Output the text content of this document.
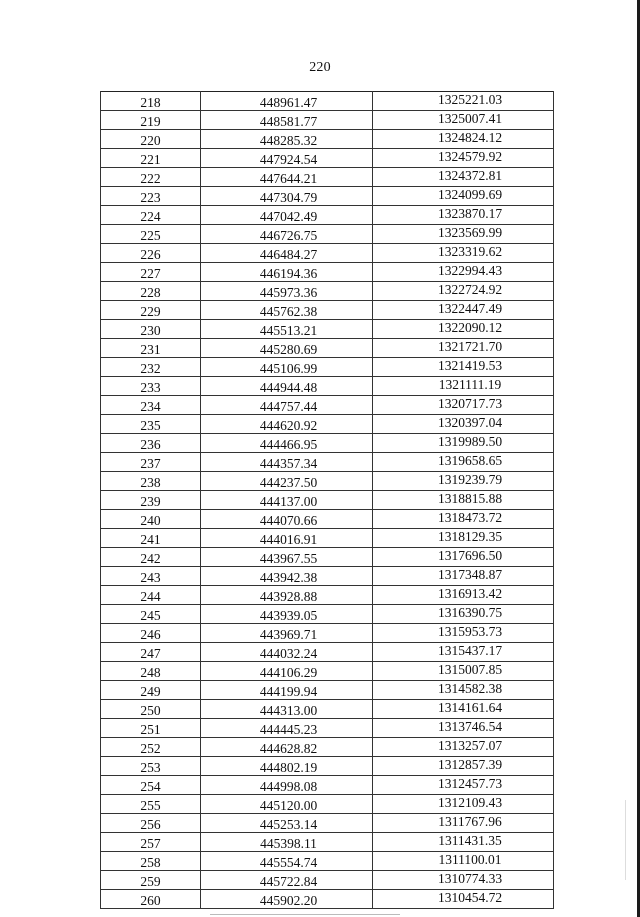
220
218	448961.47	1325221.03
219	448581.77	1325007.41
220	448285.32	1324824.12
221	447924.54	1324579.92
222	447644.21	1324372.81
223	447304.79	1324099.69
224	447042.49	1323870.17
225	446726.75	1323569.99
226	446484.27	1323319.62
227	446194.36	1322994.43
228	445973.36	1322724.92
229	445762.38	1322447.49
230	445513.21	1322090.12
231	445280.69	1321721.70
232	445106.99	1321419.53
233	444944.48	1321111.19
234	444757.44	1320717.73
235	444620.92	1320397.04
236	444466.95	1319989.50
237	444357.34	1319658.65
238	444237.50	1319239.79
239	444137.00	1318815.88
240	444070.66	1318473.72
241	444016.91	1318129.35
242	443967.55	1317696.50
243	443942.38	1317348.87
244	443928.88	1316913.42
245	443939.05	1316390.75
246	443969.71	1315953.73
247	444032.24	1315437.17
248	444106.29	1315007.85
249	444199.94	1314582.38
250	444313.00	1314161.64
251	444445.23	1313746.54
252	444628.82	1313257.07
253	444802.19	1312857.39
254	444998.08	1312457.73
255	445120.00	1312109.43
256	445253.14	1311767.96
257	445398.11	1311431.35
258	445554.74	1311100.01
259	445722.84	1310774.33
260	445902.20	1310454.72
